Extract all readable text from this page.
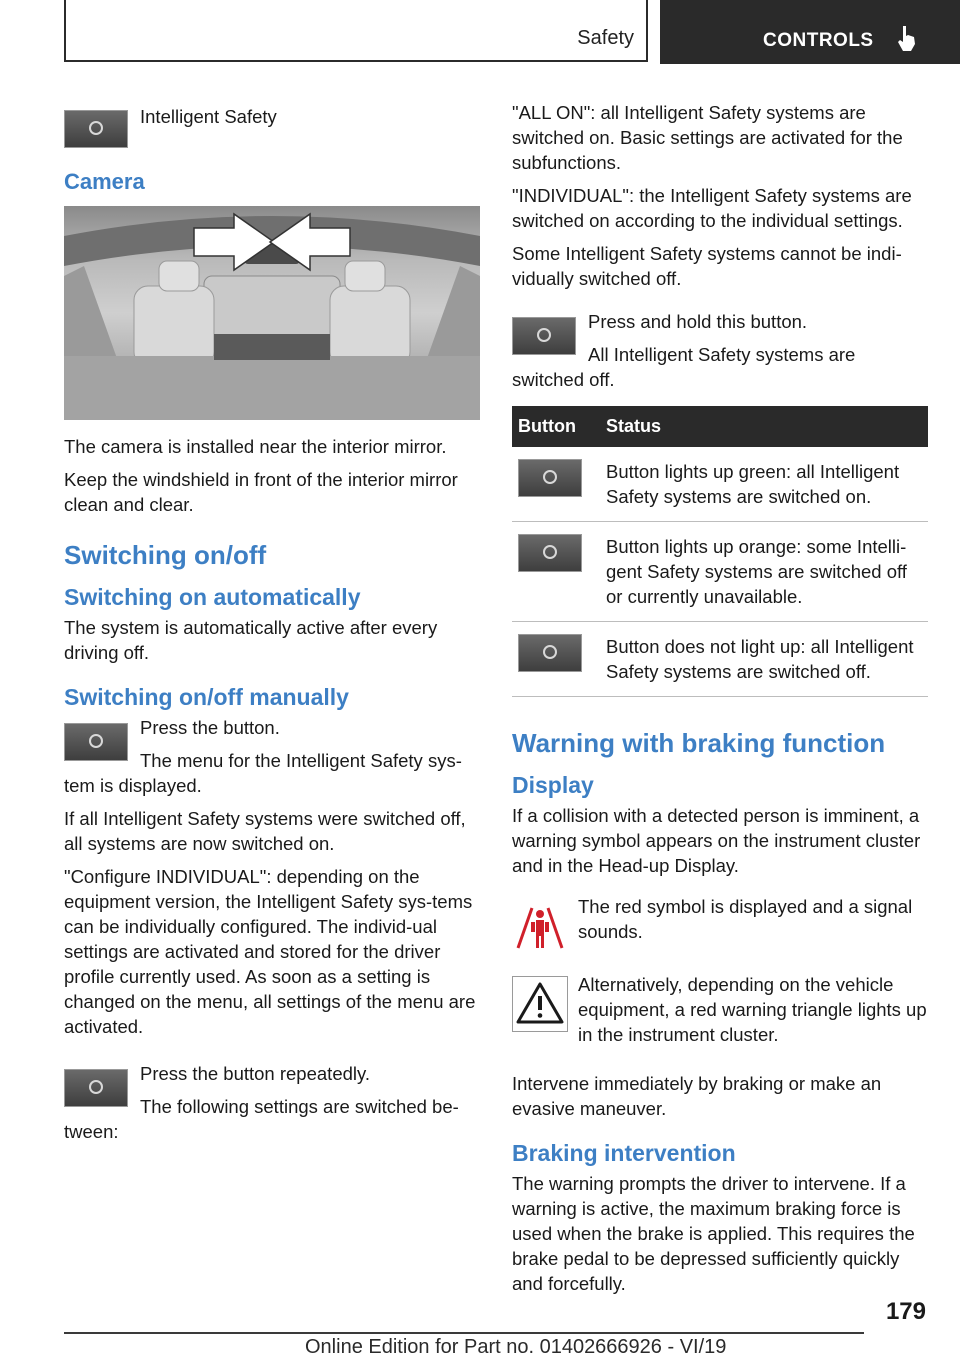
Safety	CONTROLS

Intelligent Safety

Camera

The camera is installed near the interior mirror.

Keep the windshield in front of the interior mirror clean and clear.

Switching on/off
Switching on automatically

The system is automatically active after every driving off.

Switching on/off manually

Press the button.

The menu for the Intelligent Safety sys‐tem is displayed.

If all Intelligent Safety systems were switched off, all systems are now switched on.

"Configure INDIVIDUAL": depending on the equipment version, the Intelligent Safety sys‐tems can be individually configured. The individ‐ual settings are activated and stored for the driver profile currently used. As soon as a setting is changed on the menu, all settings of the menu are activated.

Press the button repeatedly.

The following settings are switched be‐tween:

"ALL ON": all Intelligent Safety systems are switched on. Basic settings are activated for the subfunctions.

"INDIVIDUAL": the Intelligent Safety systems are switched on according to the individual settings.

Some Intelligent Safety systems cannot be indi‐vidually switched off.

Press and hold this button.

All Intelligent Safety systems are switched off.

Button	Status

	Button lights up green: all Intelligent Safety systems are switched on.

	Button lights up orange: some Intelli‐gent Safety systems are switched off or currently unavailable.

	Button does not light up: all Intelligent Safety systems are switched off.
Warning with braking function
Display

If a collision with a detected person is imminent, a warning symbol appears on the instrument cluster and in the Head-up Display.

The red symbol is displayed and a signal sounds.

Alternatively, depending on the vehicle equipment, a red warning triangle lights up in the instrument cluster.

Intervene immediately by braking or make an evasive maneuver.

Braking intervention

The warning prompts the driver to intervene. If a warning is active, the maximum braking force is used when the brake is applied. This requires the brake pedal to be depressed sufficiently quickly and forcefully.

179
Online Edition for Part no. 01402666926 - VI/19
